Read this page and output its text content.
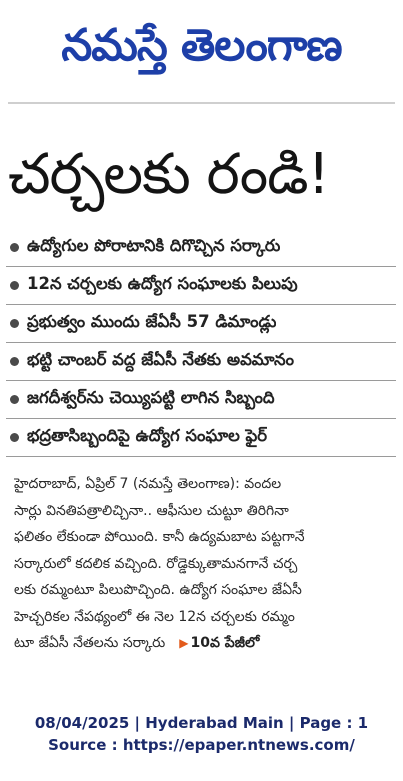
నమస్తే తెలంగాణ
చర్చలకు రండి!
ఉద్యోగుల పోరాటానికి దిగొచ్చిన సర్కారు
12న చర్చలకు ఉద్యోగ సంఘాలకు పిలుపు
ప్రభుత్వం ముందు జేఏసీ 57 డిమాండ్లు
భట్టి చాంబర్ వద్ద జేఏసీ నేతకు అవమానం
జగదీశ్వర్‌ను చెయ్యిపట్టి లాగిన సిబ్బంది
భద్రతాసిబ్బందిపై ఉద్యోగ సంఘాల ఫైర్
హైదరాబాద్, ఏప్రిల్ 7 (నమస్తే తెలంగాణ): వందల
సార్లు వినతిపత్రాలిచ్చినా.. ఆఫీసుల చుట్టూ తిరిగినా
ఫలితం లేకుండా పోయింది. కానీ ఉద్యమబాట పట్టగానే
సర్కారులో కదలిక వచ్చింది. రోడ్డెక్కుతామనగానే చర్చ
లకు రమ్మంటూ పిలుపొచ్చింది. ఉద్యోగ సంఘాల జేఏసీ
హెచ్చరికల నేపథ్యంలో ఈ నెల 12న చర్చలకు రమ్మం
టూ జేఏసీ నేతలను సర్కారు ▶ 10వ పేజీలో
08/04/2025 | Hyderabad Main | Page : 1
Source : https://epaper.ntnews.com/
